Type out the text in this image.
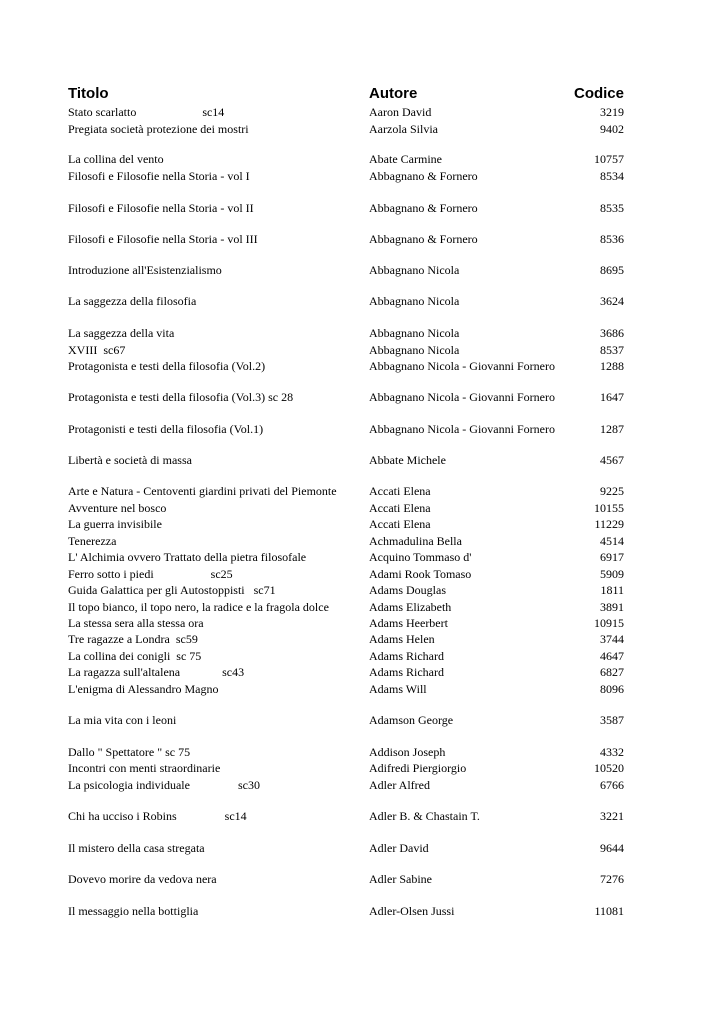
Titolo	Autore	Codice
Stato scarlatto                      sc14	Aaron David	3219
Pregiata società protezione dei mostri	Aarzola Silvia	9402
La collina del vento	Abate Carmine	10757
Filosofi e Filosofie nella Storia - vol I	Abbagnano & Fornero	8534
Filosofi e Filosofie nella Storia - vol II	Abbagnano & Fornero	8535
Filosofi e Filosofie nella Storia - vol III	Abbagnano & Fornero	8536
Introduzione all'Esistenzialismo	Abbagnano Nicola	8695
La saggezza della filosofia	Abbagnano Nicola	3624
La saggezza della vita	Abbagnano Nicola	3686
XVIII  sc67	Abbagnano Nicola	8537
Protagonista e testi della filosofia (Vol.2)	Abbagnano Nicola - Giovanni Fornero	1288
Protagonista e testi della filosofia (Vol.3) sc 28	Abbagnano Nicola - Giovanni Fornero	1647
Protagonisti e testi della filosofia (Vol.1)	Abbagnano Nicola - Giovanni Fornero	1287
Libertà e società di massa	Abbate Michele	4567
Arte e Natura - Centoventi giardini privati del Piemonte	Accati Elena	9225
Avventure nel bosco	Accati Elena	10155
La guerra invisibile	Accati Elena	11229
Tenerezza	Achmadulina Bella	4514
L' Alchimia ovvero Trattato della pietra filosofale	Acquino Tommaso d'	6917
Ferro sotto i piedi                   sc25	Adami Rook Tomaso	5909
Guida Galattica per gli Autostoppisti   sc71	Adams Douglas	1811
Il topo bianco, il topo nero, la radice e la fragola dolce	Adams Elizabeth	3891
La stessa sera alla stessa ora	Adams Heerbert	10915
Tre ragazze a Londra  sc59	Adams Helen	3744
La collina dei conigli  sc 75	Adams Richard	4647
La ragazza sull'altalena              sc43	Adams Richard	6827
L'enigma di Alessandro Magno	Adams Will	8096
La mia vita con i leoni	Adamson George	3587
Dallo " Spettatore " sc 75	Addison Joseph	4332
Incontri con menti straordinarie	Adifredi Piergiorgio	10520
La psicologia individuale                sc30	Adler Alfred	6766
Chi ha ucciso i Robins                sc14	Adler B. & Chastain T.	3221
Il mistero della casa stregata	Adler David	9644
Dovevo morire da vedova nera	Adler Sabine	7276
Il messaggio nella bottiglia	Adler-Olsen Jussi	11081
